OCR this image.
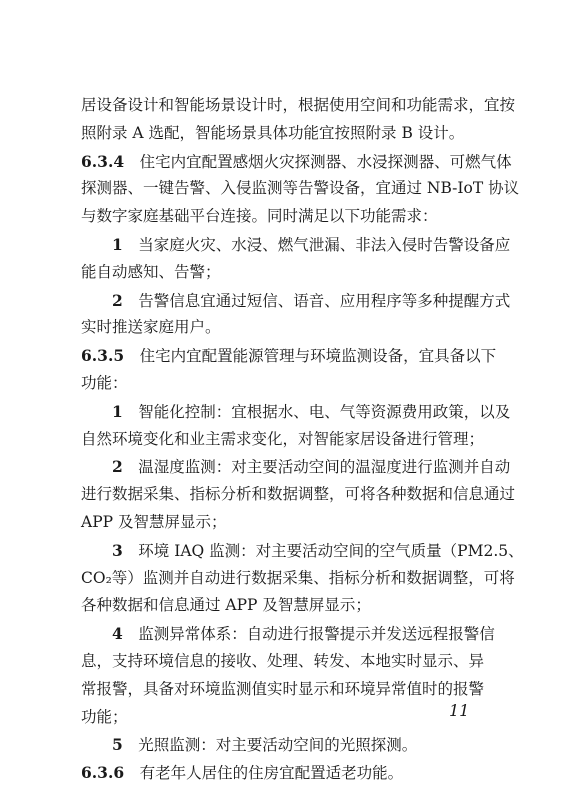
居设备设计和智能场景设计时，根据使用空间和功能需求，宜按
照附录 A 选配，智能场景具体功能宜按照附录 B 设计。
6.3.4  住宅内宜配置感烟火灾探测器、水浸探测器、可燃气体
探测器、一键告警、入侵监测等告警设备，宜通过 NB-IoT 协议
与数字家庭基础平台连接。同时满足以下功能需求：
1  当家庭火灾、水浸、燃气泄漏、非法入侵时告警设备应
能自动感知、告警；
2  告警信息宜通过短信、语音、应用程序等多种提醒方式
实时推送家庭用户。
6.3.5  住宅内宜配置能源管理与环境监测设备，宜具备以下
功能：
1  智能化控制：宜根据水、电、气等资源费用政策，以及
自然环境变化和业主需求变化，对智能家居设备进行管理；
2  温湿度监测：对主要活动空间的温湿度进行监测并自动
进行数据采集、指标分析和数据调整，可将各种数据和信息通过
APP 及智慧屏显示；
3  环境 IAQ 监测：对主要活动空间的空气质量（PM2.5、
CO₂等）监测并自动进行数据采集、指标分析和数据调整，可将
各种数据和信息通过 APP 及智慧屏显示；
4  监测异常体系：自动进行报警提示并发送远程报警信
息，支持环境信息的接收、处理、转发、本地实时显示、异
常报警，具备对环境监测值实时显示和环境异常值时的报警
功能；
5  光照监测：对主要活动空间的光照探测。
6.3.6  有老年人居住的住房宜配置适老功能。
11
